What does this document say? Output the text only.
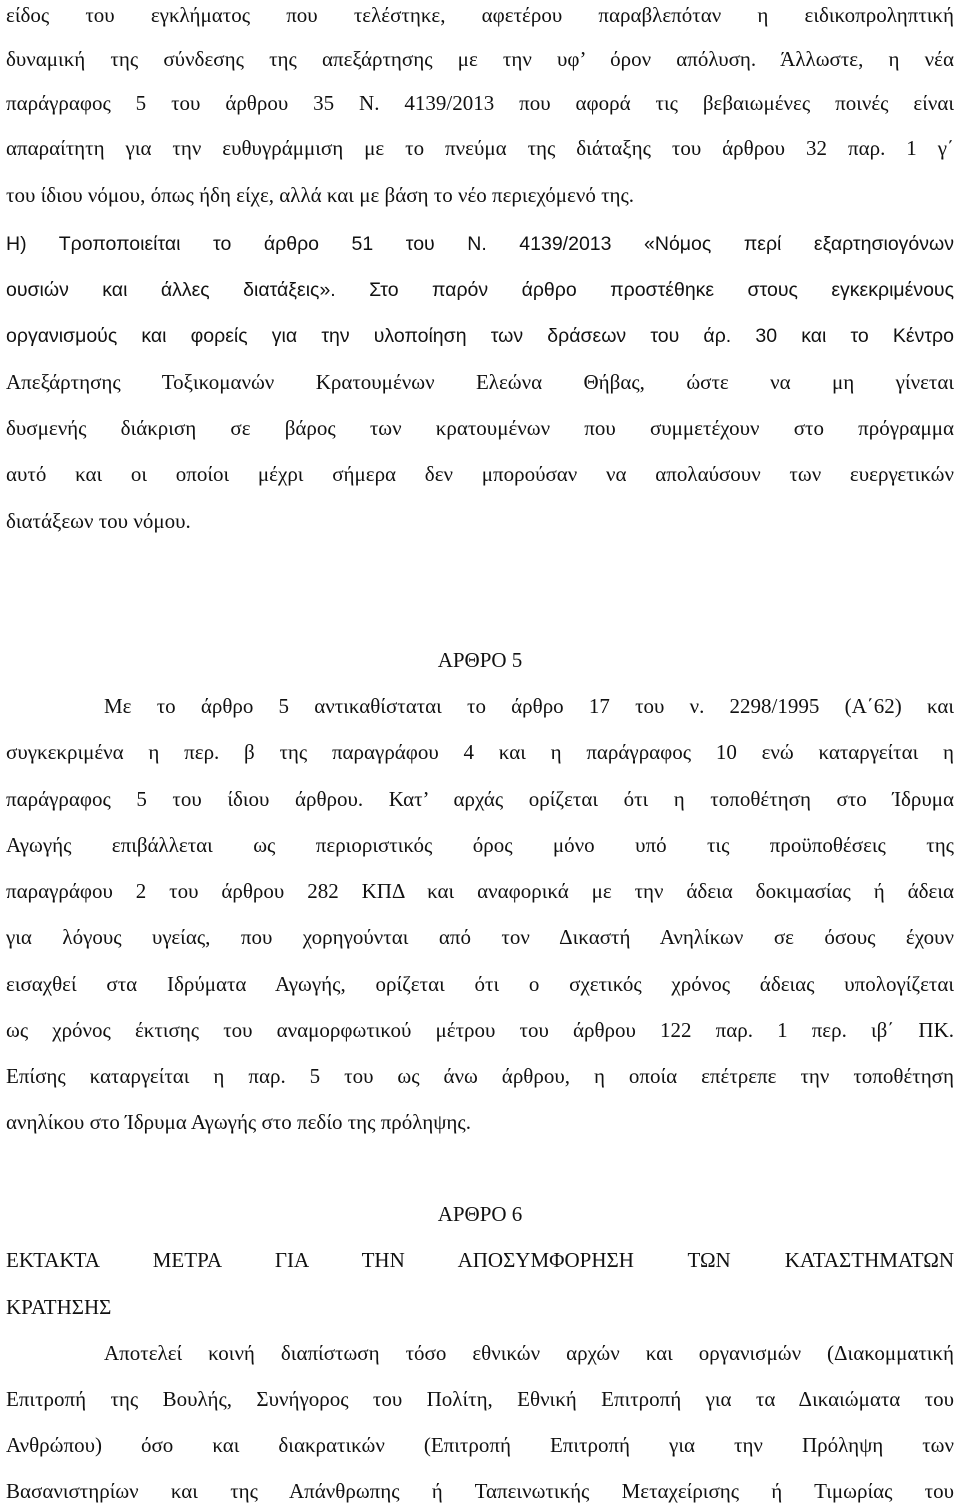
είδος του εγκλήματος που τελέστηκε, αφετέρου παραβλεπόταν η ειδικοπροληπτική
δυναμική της σύνδεσης της απεξάρτησης με την υφ’ όρον απόλυση. Άλλωστε, η νέα
παράγραφος 5 του άρθρου 35 Ν. 4139/2013 που αφορά τις βεβαιωμένες ποινές είναι
απαραίτητη για την ευθυγράμμιση με το πνεύμα της διάταξης του άρθρου 32 παρ. 1 γ΄
του ίδιου νόμου, όπως ήδη είχε, αλλά και με βάση το νέο περιεχόμενό της.
Η) Τροποποιείται το άρθρο 51 του Ν. 4139/2013 «Νόμος περί εξαρτησιογόνων
ουσιών και άλλες διατάξεις». Στο παρόν άρθρο προστέθηκε στους εγκεκριμένους
οργανισμούς και φορείς για την υλοποίηση των δράσεων του άρ. 30 και το Κέντρο
Απεξάρτησης Τοξικομανών Κρατουμένων Ελεώνα Θήβας, ώστε να μη γίνεται
δυσμενής διάκριση σε βάρος των κρατουμένων που συμμετέχουν στο πρόγραμμα
αυτό και οι οποίοι μέχρι σήμερα δεν μπορούσαν να απολαύσουν των ευεργετικών
διατάξεων του νόμου.
ΑΡΘΡΟ 5
Με το άρθρο 5 αντικαθίσταται το άρθρο 17 του ν. 2298/1995 (Α΄62) και
συγκεκριμένα η περ. β της παραγράφου 4 και η παράγραφος 10 ενώ καταργείται η
παράγραφος 5 του ίδιου άρθρου. Κατ’ αρχάς ορίζεται ότι η τοποθέτηση στο Ίδρυμα
Αγωγής επιβάλλεται ως περιοριστικός όρος μόνο υπό τις προϋποθέσεις της
παραγράφου 2 του άρθρου 282 ΚΠΔ και αναφορικά με την άδεια δοκιμασίας ή άδεια
για λόγους υγείας, που χορηγούνται από τον Δικαστή Ανηλίκων σε όσους έχουν
εισαχθεί στα Ιδρύματα Αγωγής, ορίζεται ότι ο σχετικός χρόνος άδειας υπολογίζεται
ως χρόνος έκτισης του αναμορφωτικού μέτρου του άρθρου 122 παρ. 1 περ. ιβ΄ ΠΚ.
Επίσης καταργείται η παρ. 5 του ως άνω άρθρου, η οποία επέτρεπε την τοποθέτηση
ανηλίκου στο Ίδρυμα Αγωγής στο πεδίο της πρόληψης.
ΑΡΘΡΟ 6
ΕΚΤΑΚΤΑ ΜΕΤΡΑ ΓΙΑ ΤΗΝ ΑΠΟΣΥΜΦΟΡΗΣΗ ΤΩΝ ΚΑΤΑΣΤΗΜΑΤΩΝ
ΚΡΑΤΗΣΗΣ
Αποτελεί κοινή διαπίστωση τόσο εθνικών αρχών και οργανισμών (Διακομματική
Επιτροπή της Βουλής, Συνήγορος του Πολίτη, Εθνική Επιτροπή για τα Δικαιώματα του
Ανθρώπου) όσο και διακρατικών (Επιτροπή Επιτροπή για την Πρόληψη των
Βασανιστηρίων και της Απάνθρωπης ή Ταπεινωτικής Μεταχείρισης ή Τιμωρίας του
